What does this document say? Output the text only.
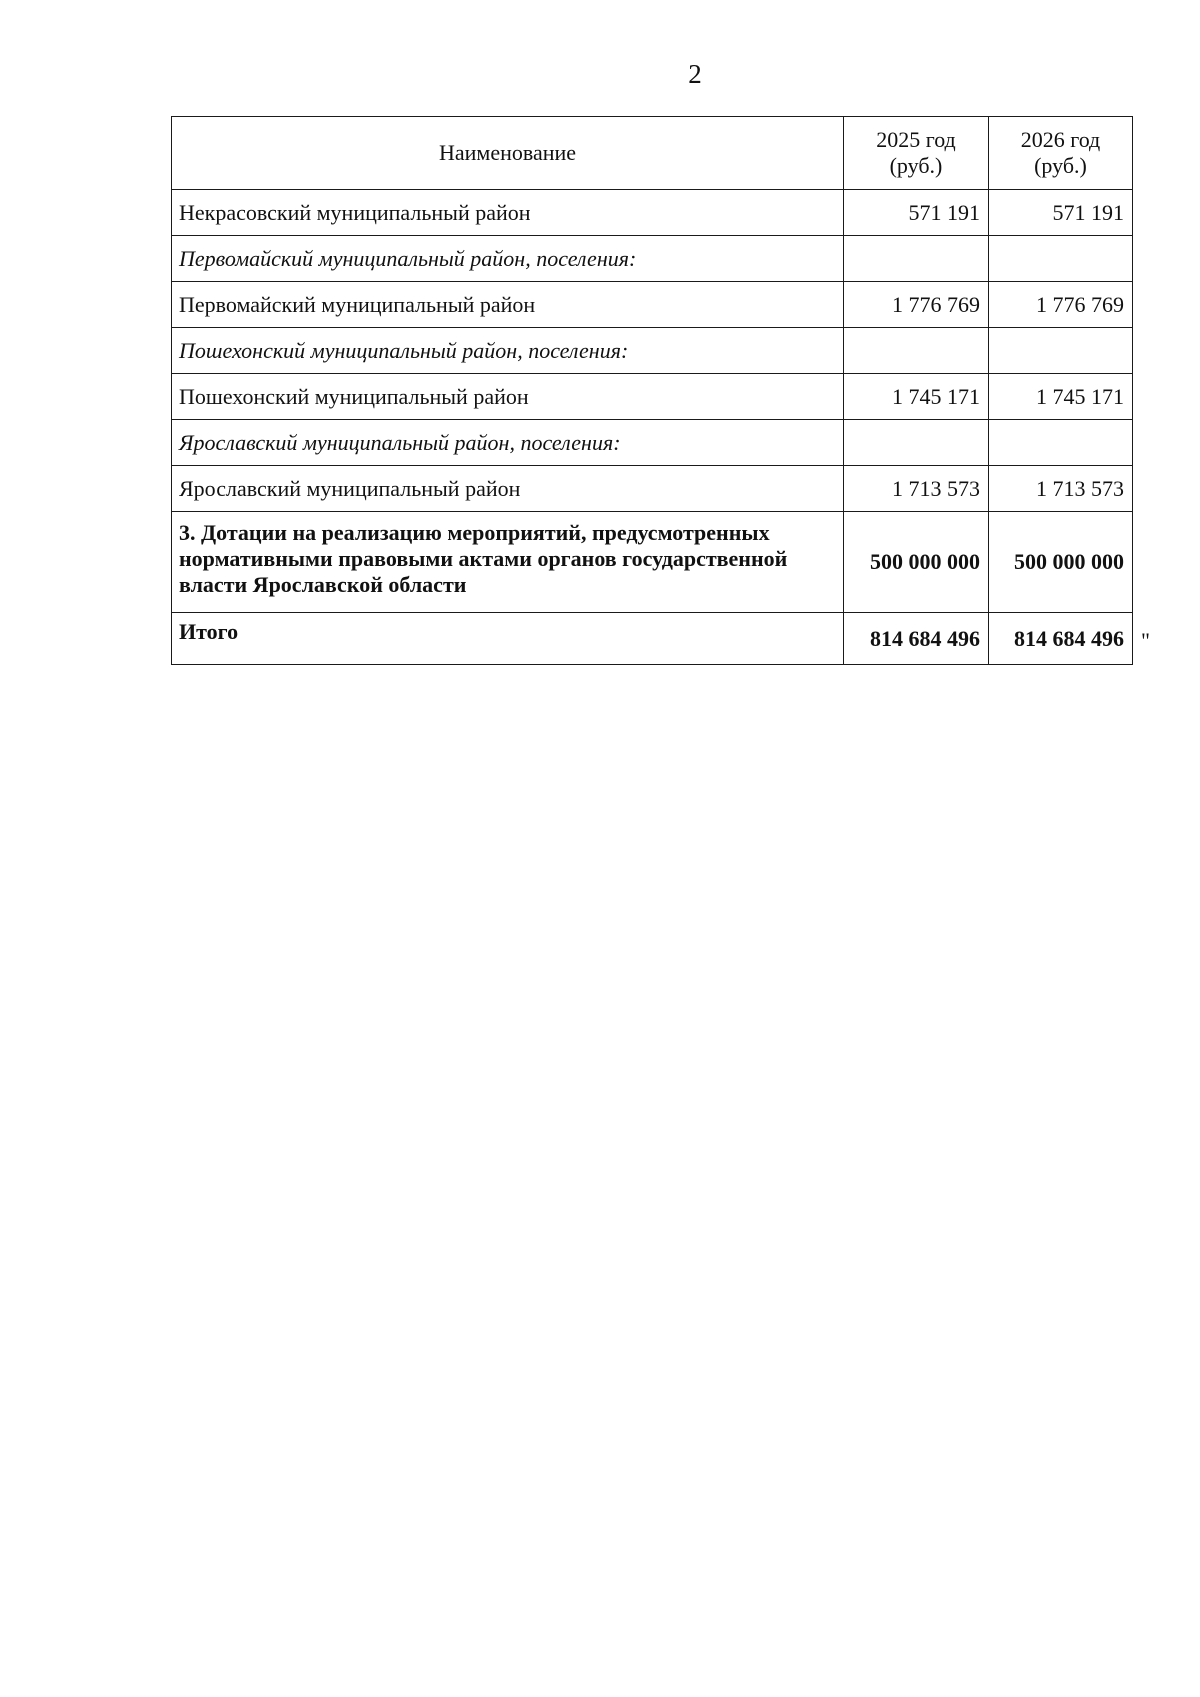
2
Наименование	2025 год (руб.)	2026 год (руб.)
Некрасовский муниципальный район	571 191	571 191
Первомайский муниципальный район, поселения:		
Первомайский муниципальный район	1 776 769	1 776 769
Пошехонский муниципальный район, поселения:		
Пошехонский муниципальный район	1 745 171	1 745 171
Ярославский муниципальный район, поселения:		
Ярославский муниципальный район	1 713 573	1 713 573
3. Дотации на реализацию мероприятий, предусмотренных нормативными правовыми актами органов государственной власти Ярославской области	500 000 000	500 000 000
Итого	814 684 496	814 684 496 "
